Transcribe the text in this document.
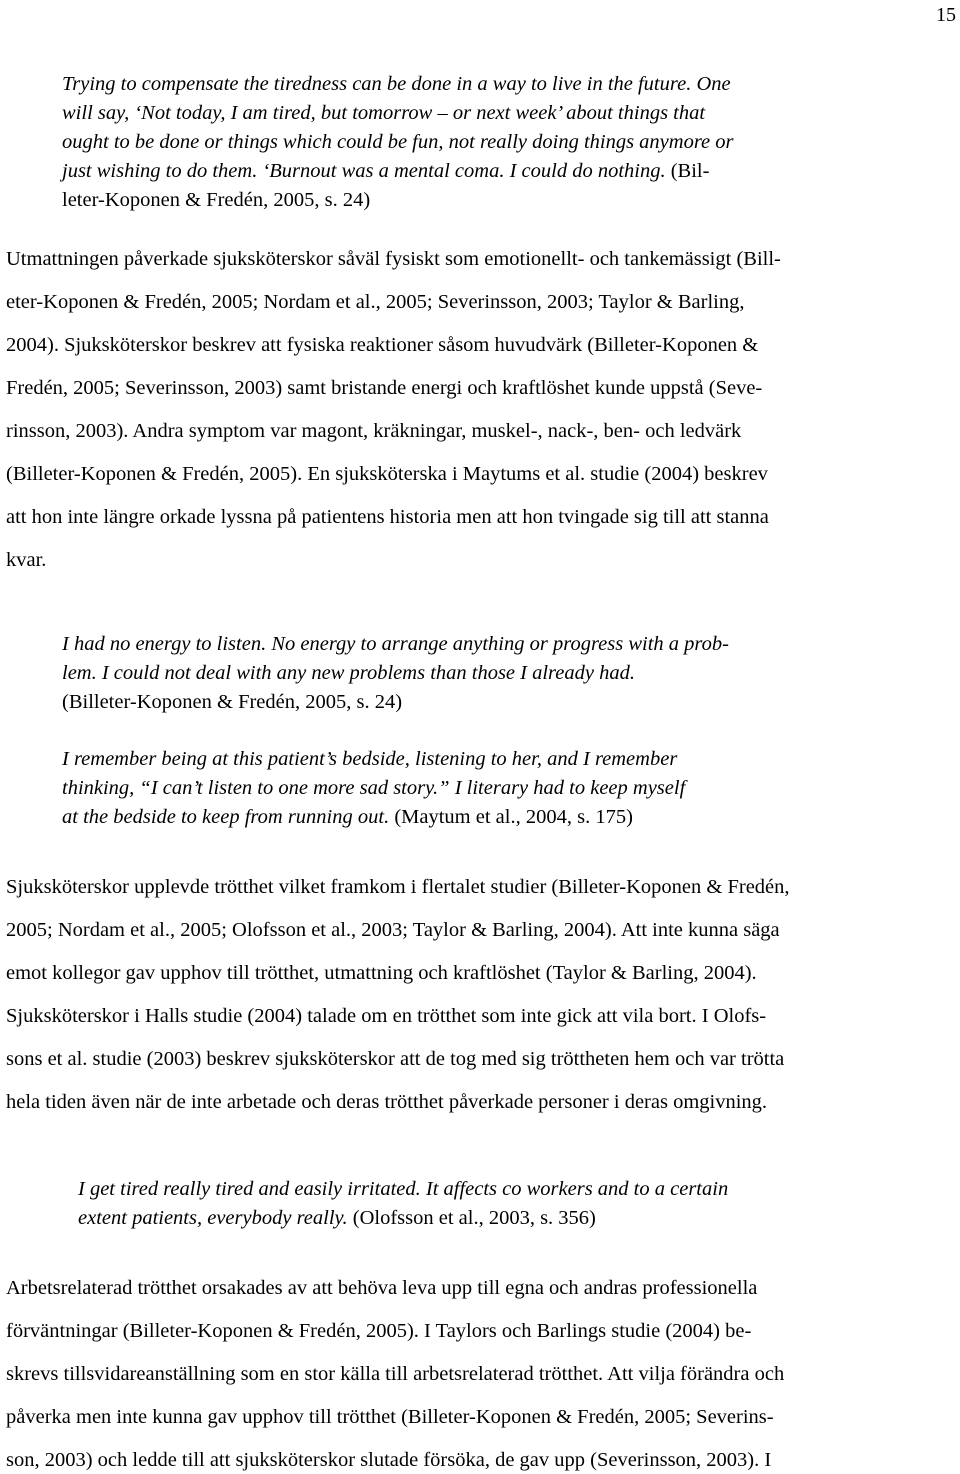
15
Trying to compensate the tiredness can be done in a way to live in the future. One
will say, ‘Not today, I am tired, but tomorrow – or next week’ about things that
ought to be done or things which could be fun, not really doing things anymore or
just wishing to do them. ‘Burnout was a mental coma. I could do nothing. (Bil-
leter-Koponen & Fredén, 2005, s. 24)
Utmattningen påverkade sjuksköterskor såväl fysiskt som emotionellt- och tankemässigt (Bill-
eter-Koponen & Fredén, 2005; Nordam et al., 2005; Severinsson, 2003; Taylor & Barling,
2004). Sjuksköterskor beskrev att fysiska reaktioner såsom huvudvärk (Billeter-Koponen &
Fredén, 2005; Severinsson, 2003) samt bristande energi och kraftlöshet kunde uppstå (Seve-
rinsson, 2003). Andra symptom var magont, kräkningar, muskel-, nack-, ben- och ledvärk
(Billeter-Koponen & Fredén, 2005). En sjuksköterska i Maytums et al. studie (2004) beskrev
att hon inte längre orkade lyssna på patientens historia men att hon tvingade sig till att stanna
kvar.
I had no energy to listen. No energy to arrange anything or progress with a prob-
lem. I could not deal with any new problems than those I already had.
(Billeter-Koponen & Fredén, 2005, s. 24)
I remember being at this patient’s bedside, listening to her, and I remember
thinking, “I can’t listen to one more sad story.” I literary had to keep myself
at the bedside to keep from running out. (Maytum et al., 2004, s. 175)
Sjuksköterskor upplevde trötthet vilket framkom i flertalet studier (Billeter-Koponen & Fredén,
2005; Nordam et al., 2005; Olofsson et al., 2003; Taylor & Barling, 2004). Att inte kunna säga
emot kollegor gav upphov till trötthet, utmattning och kraftlöshet (Taylor & Barling, 2004).
Sjuksköterskor i Halls studie (2004) talade om en trötthet som inte gick att vila bort. I Olofs-
sons et al. studie (2003) beskrev sjuksköterskor att de tog med sig tröttheten hem och var trötta
hela tiden även när de inte arbetade och deras trötthet påverkade personer i deras omgivning.
I get tired really tired and easily irritated. It affects co workers and to a certain
extent patients, everybody really. (Olofsson et al., 2003, s. 356)
Arbetsrelaterad trötthet orsakades av att behöva leva upp till egna och andras professionella
förväntningar (Billeter-Koponen & Fredén, 2005). I Taylors och Barlings studie (2004) be-
skrevs tillsvidareanställning som en stor källa till arbetsrelaterad trötthet. Att vilja förändra och
påverka men inte kunna gav upphov till trötthet (Billeter-Koponen & Fredén, 2005; Severins-
son, 2003) och ledde till att sjuksköterskor slutade försöka, de gav upp (Severinsson, 2003). I
